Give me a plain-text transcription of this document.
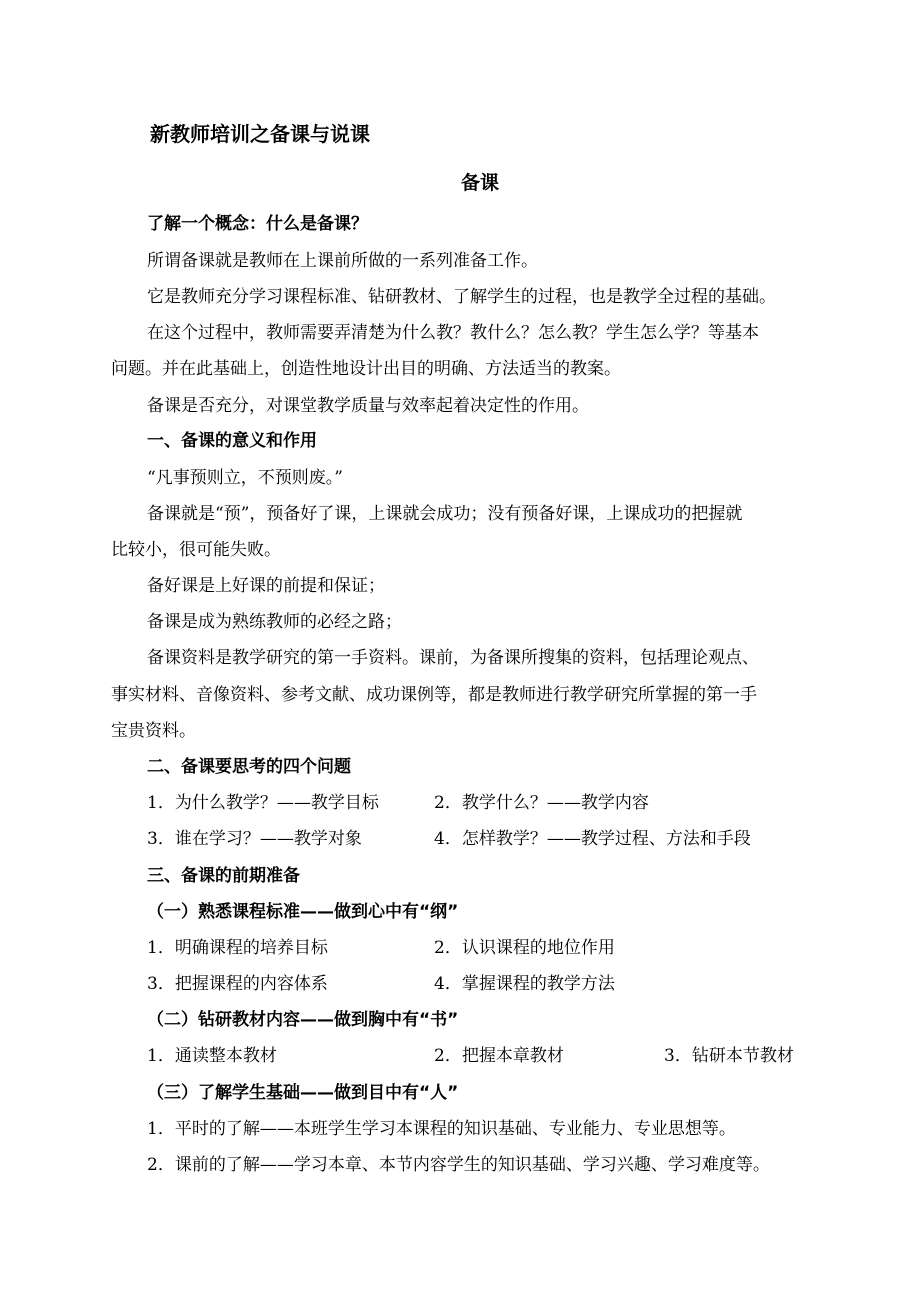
新教师培训之备课与说课
备课
了解一个概念：什么是备课？
所谓备课就是教师在上课前所做的一系列准备工作。
它是教师充分学习课程标准、钻研教材、了解学生的过程，也是教学全过程的基础。
在这个过程中，教师需要弄清楚为什么教？教什么？怎么教？学生怎么学？等基本
问题。并在此基础上，创造性地设计出目的明确、方法适当的教案。
备课是否充分，对课堂教学质量与效率起着决定性的作用。
一、备课的意义和作用
“凡事预则立，不预则废。”
备课就是“预”，预备好了课，上课就会成功；没有预备好课，上课成功的把握就
比较小，很可能失败。
备好课是上好课的前提和保证；
备课是成为熟练教师的必经之路；
备课资料是教学研究的第一手资料。课前，为备课所搜集的资料，包括理论观点、
事实材料、音像资料、参考文献、成功课例等，都是教师进行教学研究所掌握的第一手
宝贵资料。
二、备课要思考的四个问题
1．为什么教学？——教学目标	2．教学什么？——教学内容
3．谁在学习？——教学对象	4．怎样教学？——教学过程、方法和手段
三、备课的前期准备
（一）熟悉课程标准——做到心中有“纲”
1．明确课程的培养目标	2．认识课程的地位作用
3．把握课程的内容体系	4．掌握课程的教学方法
（二）钻研教材内容——做到胸中有“书”
1．通读整本教材	2．把握本章教材	3．钻研本节教材
（三）了解学生基础——做到目中有“人”
1．平时的了解——本班学生学习本课程的知识基础、专业能力、专业思想等。
2．课前的了解——学习本章、本节内容学生的知识基础、学习兴趣、学习难度等。
